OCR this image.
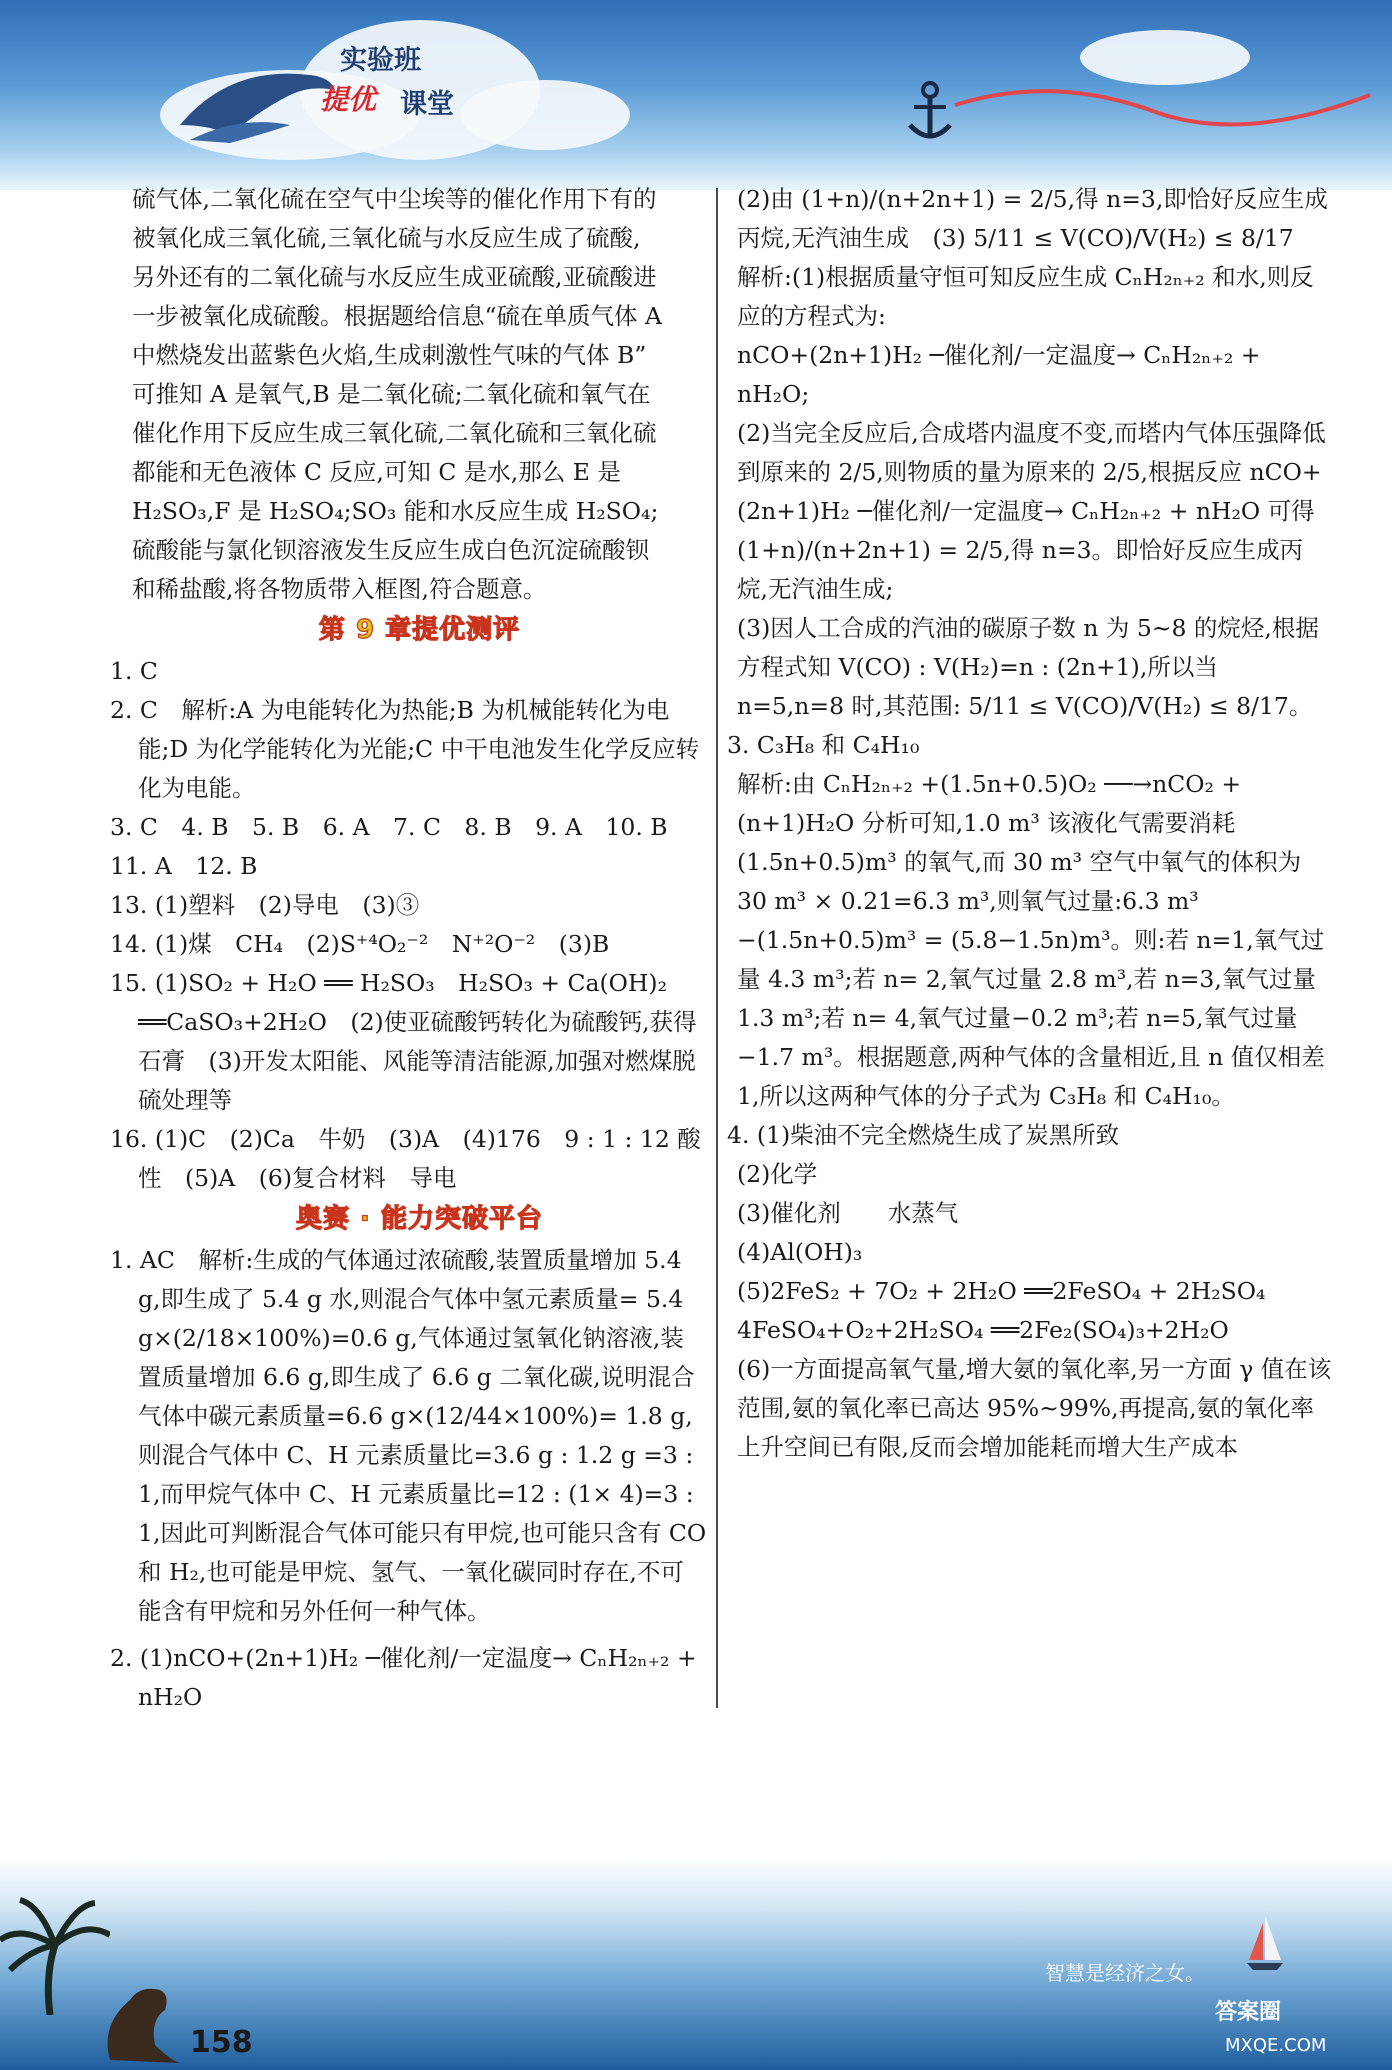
实验班
提优 课堂
硫气体,二氧化硫在空气中尘埃等的催化作用下有的
被氧化成三氧化硫,三氧化硫与水反应生成了硫酸,
另外还有的二氧化硫与水反应生成亚硫酸,亚硫酸进
一步被氧化成硫酸。根据题给信息“硫在单质气体 A
中燃烧发出蓝紫色火焰,生成刺激性气味的气体 B”
可推知 A 是氧气,B 是二氧化硫;二氧化硫和氧气在
催化作用下反应生成三氧化硫,二氧化硫和三氧化硫
都能和无色液体 C 反应,可知 C 是水,那么 E 是
H₂SO₃,F 是 H₂SO₄;SO₃ 能和水反应生成 H₂SO₄;
硫酸能与氯化钡溶液发生反应生成白色沉淀硫酸钡
和稀盐酸,将各物质带入框图,符合题意。
第 9 章提优测评
1. C
2. C　解析:A 为电能转化为热能;B 为机械能转化为电能;D 为化学能转化为光能;C 中干电池发生化学反应转化为电能。
3. C　4. B　5. B　6. A　7. C　8. B　9. A　10. B
11. A　12. B
13. (1)塑料　(2)导电　(3)③
14. (1)煤　CH₄　(2)S⁺⁴O₂⁻²　N⁺²O⁻²　(3)B
15. (1)SO₂ + H₂O ══ H₂SO₃　H₂SO₃ + Ca(OH)₂ ══CaSO₃+2H₂O　(2)使亚硫酸钙转化为硫酸钙,获得石膏　(3)开发太阳能、风能等清洁能源,加强对燃煤脱硫处理等
16. (1)C　(2)Ca　牛奶　(3)A　(4)176　9 : 1 : 12 酸性　(5)A　(6)复合材料　导电
奥赛 · 能力突破平台
1. AC　解析:生成的气体通过浓硫酸,装置质量增加 5.4 g,即生成了 5.4 g 水,则混合气体中氢元素质量= 5.4 g×(2/18×100%)=0.6 g,气体通过氢氧化钠溶液,装置质量增加 6.6 g,即生成了 6.6 g 二氧化碳,说明混合气体中碳元素质量=6.6 g×(12/44×100%)= 1.8 g,则混合气体中 C、H 元素质量比=3.6 g : 1.2 g =3 : 1,而甲烷气体中 C、H 元素质量比=12 : (1× 4)=3 : 1,因此可判断混合气体可能只有甲烷,也可能只含有 CO 和 H₂,也可能是甲烷、氢气、一氧化碳同时存在,不可能含有甲烷和另外任何一种气体。
2. (1)nCO+(2n+1)H₂ ─催化剂/一定温度→ CₙH₂ₙ₊₂ + nH₂O
(2)由 (1+n)/(n+2n+1) = 2/5,得 n=3,即恰好反应生成丙烷,无汽油生成　(3) 5/11 ≤ V(CO)/V(H₂) ≤ 8/17
解析:(1)根据质量守恒可知反应生成 CₙH₂ₙ₊₂ 和水,则反应的方程式为:
nCO+(2n+1)H₂ ─催化剂/一定温度→ CₙH₂ₙ₊₂ + nH₂O;
(2)当完全反应后,合成塔内温度不变,而塔内气体压强降低到原来的 2/5,则物质的量为原来的 2/5,根据反应 nCO+(2n+1)H₂ ─催化剂/一定温度→ CₙH₂ₙ₊₂ + nH₂O 可得 (1+n)/(n+2n+1) = 2/5,得 n=3。即恰好反应生成丙烷,无汽油生成;
(3)因人工合成的汽油的碳原子数 n 为 5~8 的烷烃,根据方程式知 V(CO) : V(H₂)=n : (2n+1),所以当 n=5,n=8 时,其范围: 5/11 ≤ V(CO)/V(H₂) ≤ 8/17。
3. C₃H₈ 和 C₄H₁₀
解析:由 CₙH₂ₙ₊₂ +(1.5n+0.5)O₂ ──→nCO₂ +(n+1)H₂O 分析可知,1.0 m³ 该液化气需要消耗(1.5n+0.5)m³ 的氧气,而 30 m³ 空气中氧气的体积为 30 m³ × 0.21=6.3 m³,则氧气过量:6.3 m³ −(1.5n+0.5)m³ = (5.8−1.5n)m³。则:若 n=1,氧气过量 4.3 m³;若 n= 2,氧气过量 2.8 m³,若 n=3,氧气过量 1.3 m³;若 n= 4,氧气过量−0.2 m³;若 n=5,氧气过量−1.7 m³。根据题意,两种气体的含量相近,且 n 值仅相差 1,所以这两种气体的分子式为 C₃H₈ 和 C₄H₁₀。
4. (1)柴油不完全燃烧生成了炭黑所致
(2)化学
(3)催化剂　　水蒸气
(4)Al(OH)₃
(5)2FeS₂ + 7O₂ + 2H₂O ══2FeSO₄ + 2H₂SO₄　4FeSO₄+O₂+2H₂SO₄ ══2Fe₂(SO₄)₃+2H₂O
(6)一方面提高氧气量,增大氨的氧化率,另一方面 γ 值在该范围,氨的氧化率已高达 95%~99%,再提高,氨的氧化率上升空间已有限,反而会增加能耗而增大生产成本
158
智慧是经济之女。
答案圈
MXQE.COM
